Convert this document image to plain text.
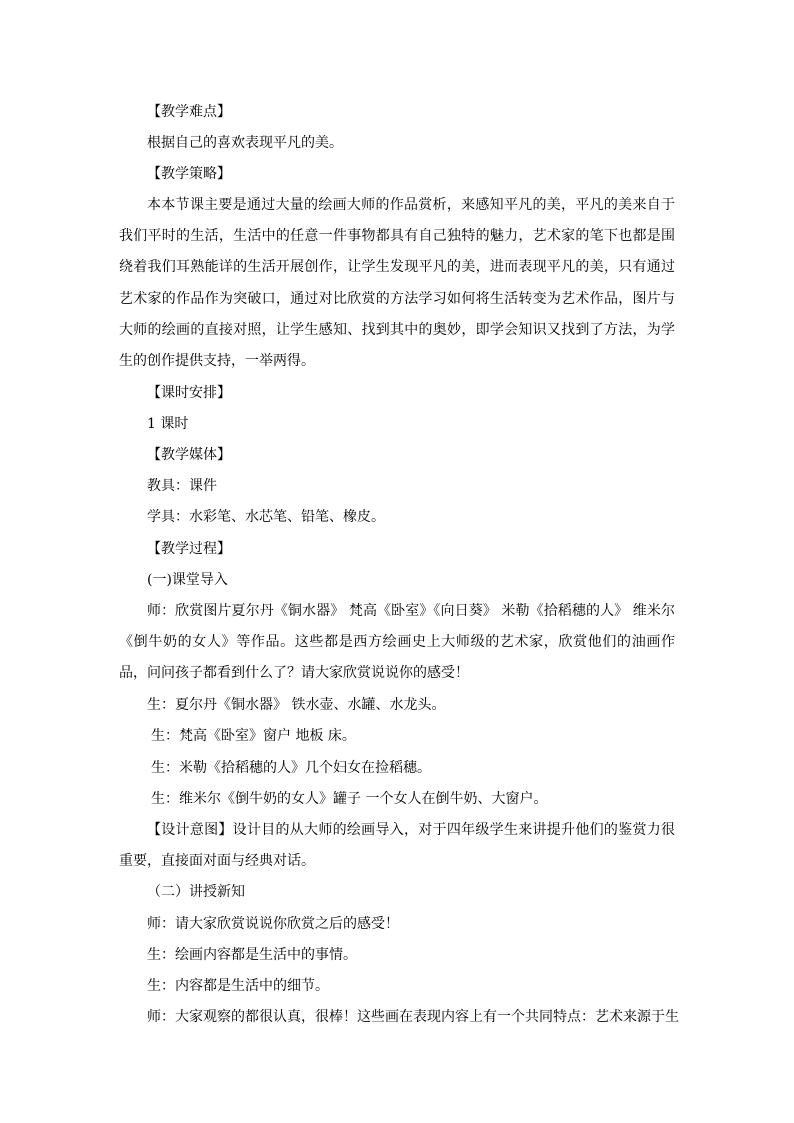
【教学难点】
根据自己的喜欢表现平凡的美。
【教学策略】
本本节课主要是通过大量的绘画大师的作品赏析，来感知平凡的美，平凡的美来自于我们平时的生活，生活中的任意一件事物都具有自己独特的魅力，艺术家的笔下也都是围绕着我们耳熟能详的生活开展创作，让学生发现平凡的美，进而表现平凡的美，只有通过艺术家的作品作为突破口，通过对比欣赏的方法学习如何将生活转变为艺术作品，图片与大师的绘画的直接对照，让学生感知、找到其中的奥妙，即学会知识又找到了方法，为学生的创作提供支持，一举两得。
【课时安排】
1 课时
【教学媒体】
教具：课件
学具：水彩笔、水芯笔、铅笔、橡皮。
【教学过程】
(一)课堂导入
师：欣赏图片夏尔丹《铜水器》 梵高《卧室》《向日葵》 米勒《拾稻穗的人》 维米尔《倒牛奶的女人》等作品。这些都是西方绘画史上大师级的艺术家，欣赏他们的油画作品，问问孩子都看到什么了？请大家欣赏说说你的感受！
生：夏尔丹《铜水器》 铁水壶、水罐、水龙头。
生：梵高《卧室》窗户 地板 床。
生：米勒《拾稻穗的人》几个妇女在捡稻穗。
生：维米尔《倒牛奶的女人》罐子 一个女人在倒牛奶、大窗户。
【设计意图】设计目的从大师的绘画导入，对于四年级学生来讲提升他们的鉴赏力很重要，直接面对面与经典对话。
（二）讲授新知
师：请大家欣赏说说你欣赏之后的感受！
生：绘画内容都是生活中的事情。
生：内容都是生活中的细节。
师：大家观察的都很认真，很棒！这些画在表现内容上有一个共同特点：艺术来源于生
